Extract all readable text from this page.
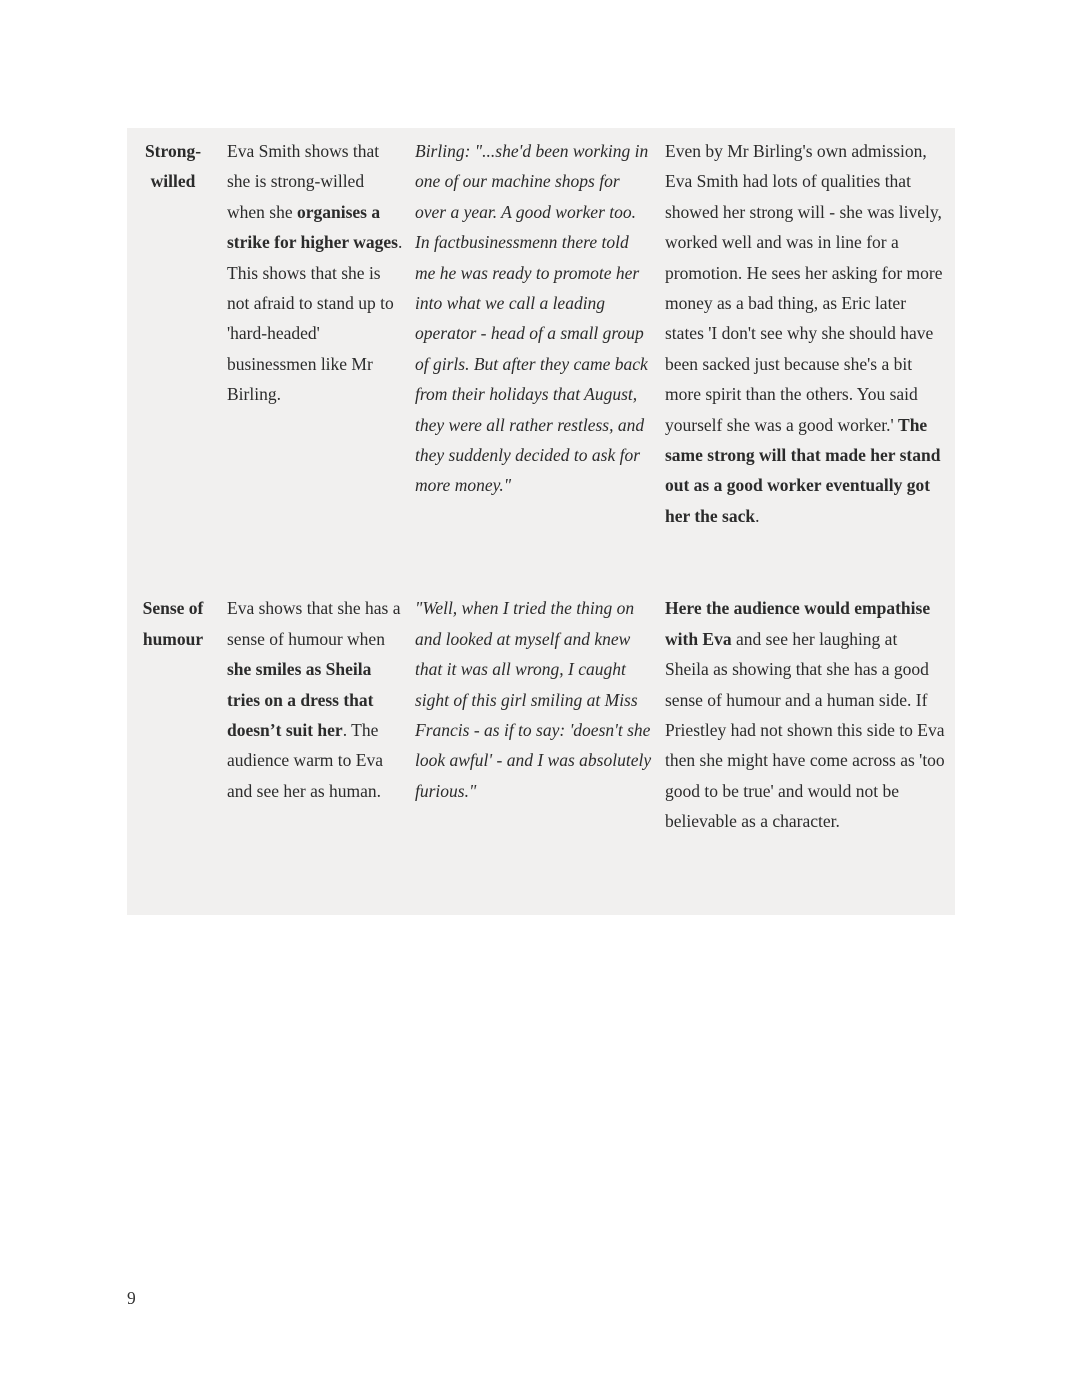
Strong-willed
Eva Smith shows that she is strong-willed when she organises a strike for higher wages. This shows that she is not afraid to stand up to 'hard-headed' businessmen like Mr Birling.
Birling: "...she'd been working in one of our machine shops for over a year. A good worker too. In factbusinessmenn there told me he was ready to promote her into what we call a leading operator - head of a small group of girls. But after they came back from their holidays that August, they were all rather restless, and they suddenly decided to ask for more money."
Even by Mr Birling's own admission, Eva Smith had lots of qualities that showed her strong will - she was lively, worked well and was in line for a promotion. He sees her asking for more money as a bad thing, as Eric later states 'I don't see why she should have been sacked just because she's a bit more spirit than the others. You said yourself she was a good worker.' The same strong will that made her stand out as a good worker eventually got her the sack.
Sense of humour
Eva shows that she has a sense of humour when she smiles as Sheila tries on a dress that doesn’t suit her. The audience warm to Eva and see her as human.
"Well, when I tried the thing on and looked at myself and knew that it was all wrong, I caught sight of this girl smiling at Miss Francis - as if to say: 'doesn't she look awful' - and I was absolutely furious."
Here the audience would empathise with Eva and see her laughing at Sheila as showing that she has a good sense of humour and a human side. If Priestley had not shown this side to Eva then she might have come across as 'too good to be true' and would not be believable as a character.
9
